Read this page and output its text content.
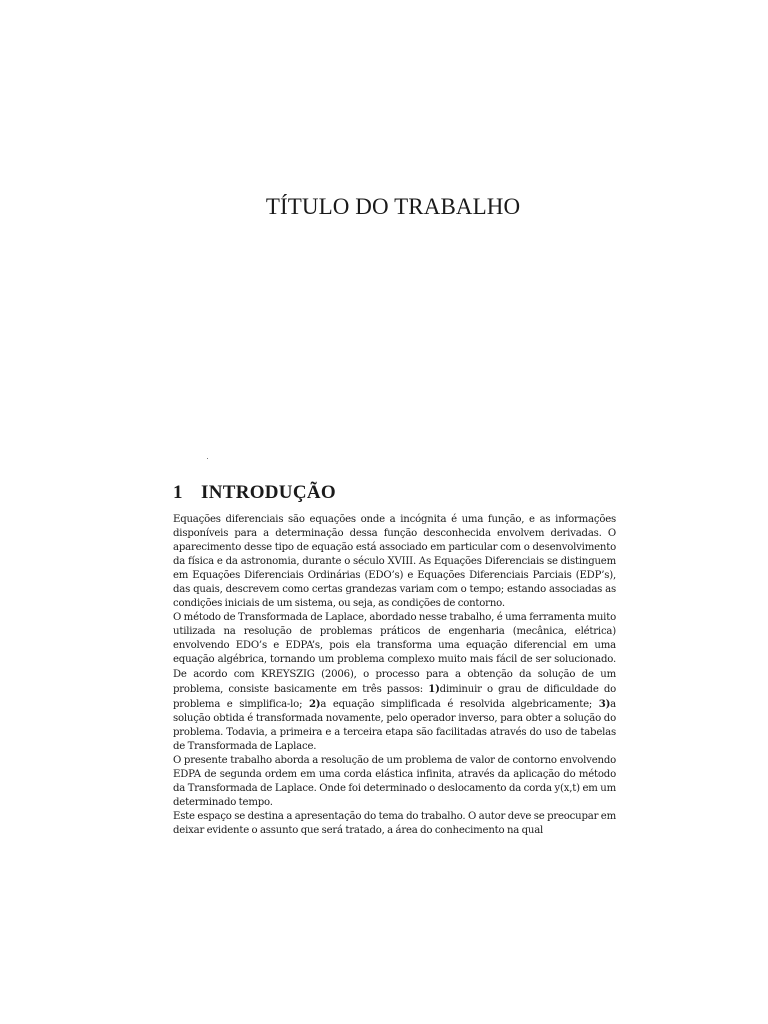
TÍTULO DO TRABALHO
1 INTRODUÇÃO

Equações diferenciais são equações onde a incógnita é uma função, e as informações disponíveis para a determinação dessa função desconhecida envolvem derivadas. O aparecimento desse tipo de equação está associado em particular com o desenvolvimento da física e da astronomia, durante o século XVIII. As Equações Diferenciais se distinguem em Equações Diferenciais Ordinárias (EDO’s) e Equações Diferenciais Parciais (EDP’s), das quais, descrevem como certas grandezas variam com o tempo; estando associadas as condições iniciais de um sistema, ou seja, as condições de contorno.

O método de Transformada de Laplace, abordado nesse trabalho, é uma ferramenta muito utilizada na resolução de problemas práticos de engenharia (mecânica, elétrica) envolvendo EDO’s e EDPA’s, pois ela transforma uma equação diferencial em uma equação algébrica, tornando um problema complexo muito mais fácil de ser solucionado. De acordo com KREYSZIG (2006), o processo para a obtenção da solução de um problema, consiste basicamente em três passos: 1)diminuir o grau de dificuldade do problema e simplifica-lo; 2)a equação simplificada é resolvida algebricamente; 3)a solução obtida é transformada novamente, pelo operador inverso, para obter a solução do problema. Todavia, a primeira e a terceira etapa são facilitadas através do uso de tabelas de Transformada de Laplace.

O presente trabalho aborda a resolução de um problema de valor de contorno envolvendo EDPA de segunda ordem em uma corda elástica infinita, através da aplicação do método da Transformada de Laplace. Onde foi determinado o deslocamento da corda y(x,t) em um determinado tempo.

Este espaço se destina a apresentação do tema do trabalho. O autor deve se preocupar em deixar evidente o assunto que será tratado, a área do conhecimento na qual
